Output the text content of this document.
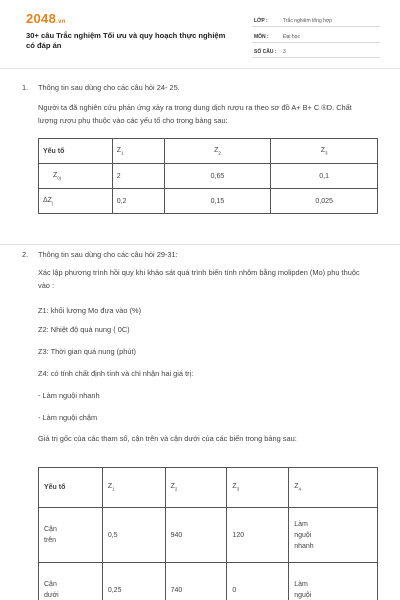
2048.vn
30+ câu Trắc nghiệm Tối ưu và quy hoạch thực nghiệm có đáp án
LỚP :	Trắc nghiệm tổng hợp
MÔN :	Đại học
SỐ CÂU : 3
1. Thông tin sau dùng cho các câu hỏi 24- 25.
Người ta đã nghiên cứu phản ứng xảy ra trong dung dịch rượu ra theo sơ đồ A+ B+ C ®D. Chất lượng rượu phụ thuộc vào các yếu tố cho trong bảng sau:
Yếu tố	$Z_1$	$Z_2$	$Z_3$
$Z_{0j}$	2	0,65	0,1
$\Delta Z_j$	0,2	0,15	0,025
2. Thông tin sau dùng cho các câu hỏi 29-31:
Xác lập phương trình hồi quy khi khảo sát quá trình biến tính nhôm bằng molipden (Mo) phụ thuộc vào :
Z1: khối lượng Mo đưa vào (%)
Z2: Nhiệt độ quá nung ( 0C)
Z3: Thời gian quá nung (phút)
Z4: có tính chất định tính và chỉ nhận hai giá trị:
- Làm nguội nhanh
- Làm nguội chậm
Giá trị gốc của các tham số, cận trên và cận dưới của các biến trong bảng sau:
Yếu tố	$Z_1$	$Z_2$	$Z_3$	$Z_4$

Cận trên	0,5	940	120	Làm nguội nhanh

Cận dưới	0,25	740	0	Làm nguội
